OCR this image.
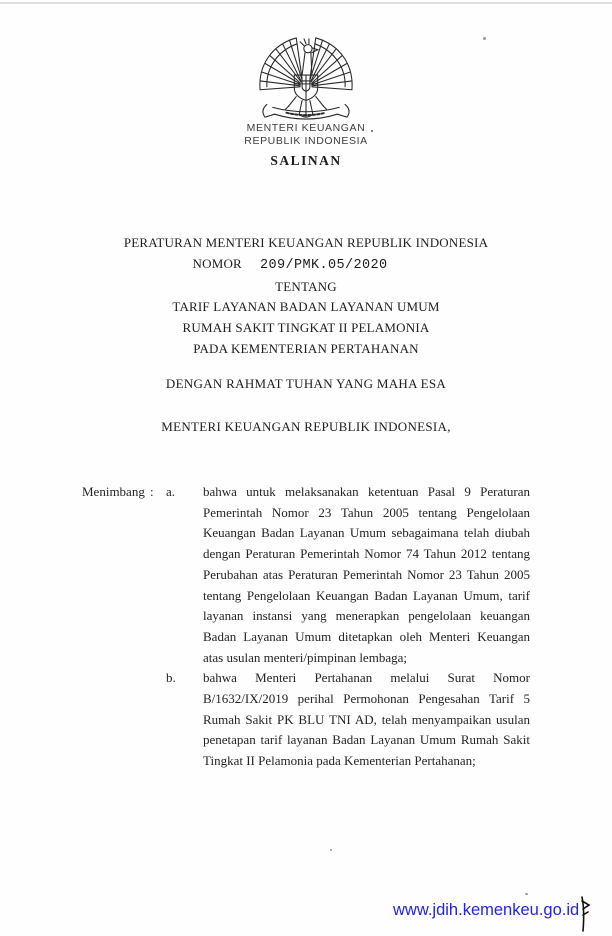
MENTERI KEUANGAN
REPUBLIK INDONESIA
SALINAN
PERATURAN MENTERI KEUANGAN REPUBLIK INDONESIA
NOMOR 209/PMK.05/2020
TENTANG
TARIF LAYANAN BADAN LAYANAN UMUM
RUMAH SAKIT TINGKAT II PELAMONIA
PADA KEMENTERIAN PERTAHANAN
DENGAN RAHMAT TUHAN YANG MAHA ESA
MENTERI KEUANGAN REPUBLIK INDONESIA,
Menimbang : a.	bahwa untuk melaksanakan ketentuan Pasal 9 Peraturan Pemerintah Nomor 23 Tahun 2005 tentang Pengelolaan Keuangan Badan Layanan Umum sebagaimana telah diubah dengan Peraturan Pemerintah Nomor 74 Tahun 2012 tentang Perubahan atas Peraturan Pemerintah Nomor 23 Tahun 2005 tentang Pengelolaan Keuangan Badan Layanan Umum, tarif layanan instansi yang menerapkan pengelolaan keuangan Badan Layanan Umum ditetapkan oleh Menteri Keuangan atas usulan menteri/pimpinan lembaga;
b.	bahwa Menteri Pertahanan melalui Surat Nomor B/1632/IX/2019 perihal Permohonan Pengesahan Tarif 5 Rumah Sakit PK BLU TNI AD, telah menyampaikan usulan penetapan tarif layanan Badan Layanan Umum Rumah Sakit Tingkat II Pelamonia pada Kementerian Pertahanan;
www.jdih.kemenkeu.go.id
